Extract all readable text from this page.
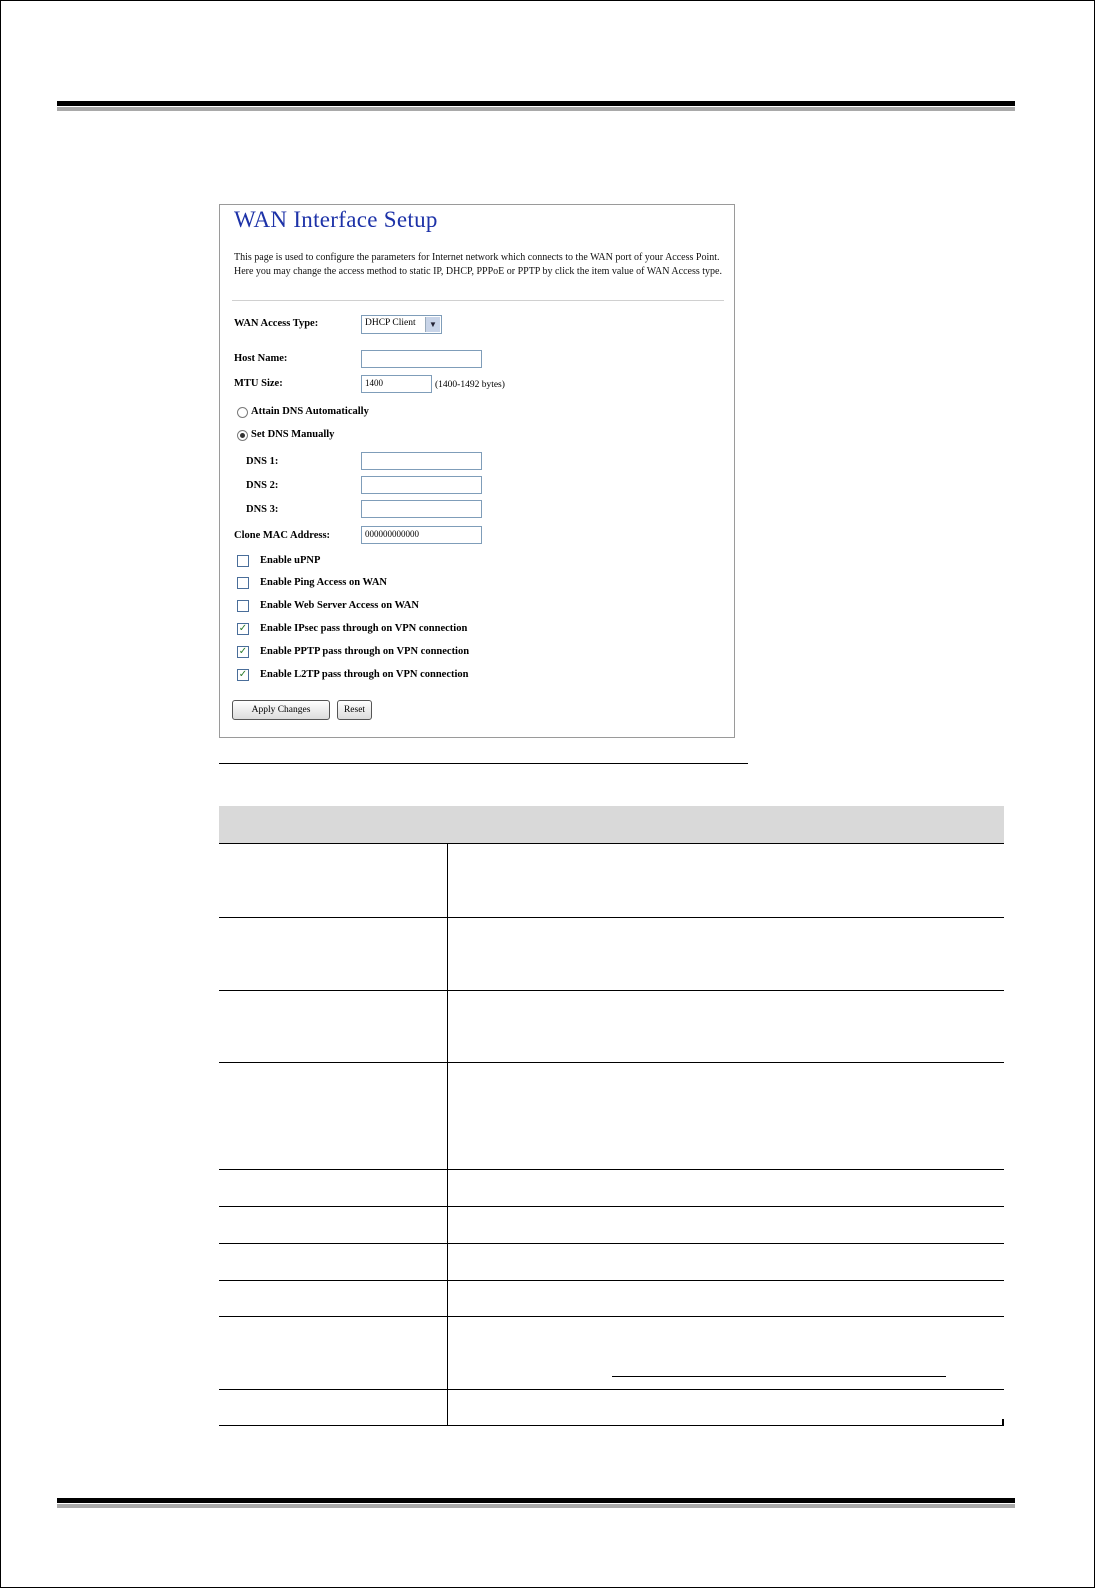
WAN Interface Setup
This page is used to configure the parameters for Internet network which connects to the WAN port of your Access Point. Here you may change the access method to static IP, DHCP, PPPoE or PPTP by click the item value of WAN Access type.
WAN Access Type:	DHCP Client	▼
Host Name:
MTU Size:	1400	(1400-1492 bytes)
Attain DNS Automatically
Set DNS Manually
DNS 1:
DNS 2:
DNS 3:
Clone MAC Address:	000000000000
Enable uPNP
Enable Ping Access on WAN
Enable Web Server Access on WAN
✓ Enable IPsec pass through on VPN connection
✓ Enable PPTP pass through on VPN connection
✓ Enable L2TP pass through on VPN connection
Apply Changes	Reset
